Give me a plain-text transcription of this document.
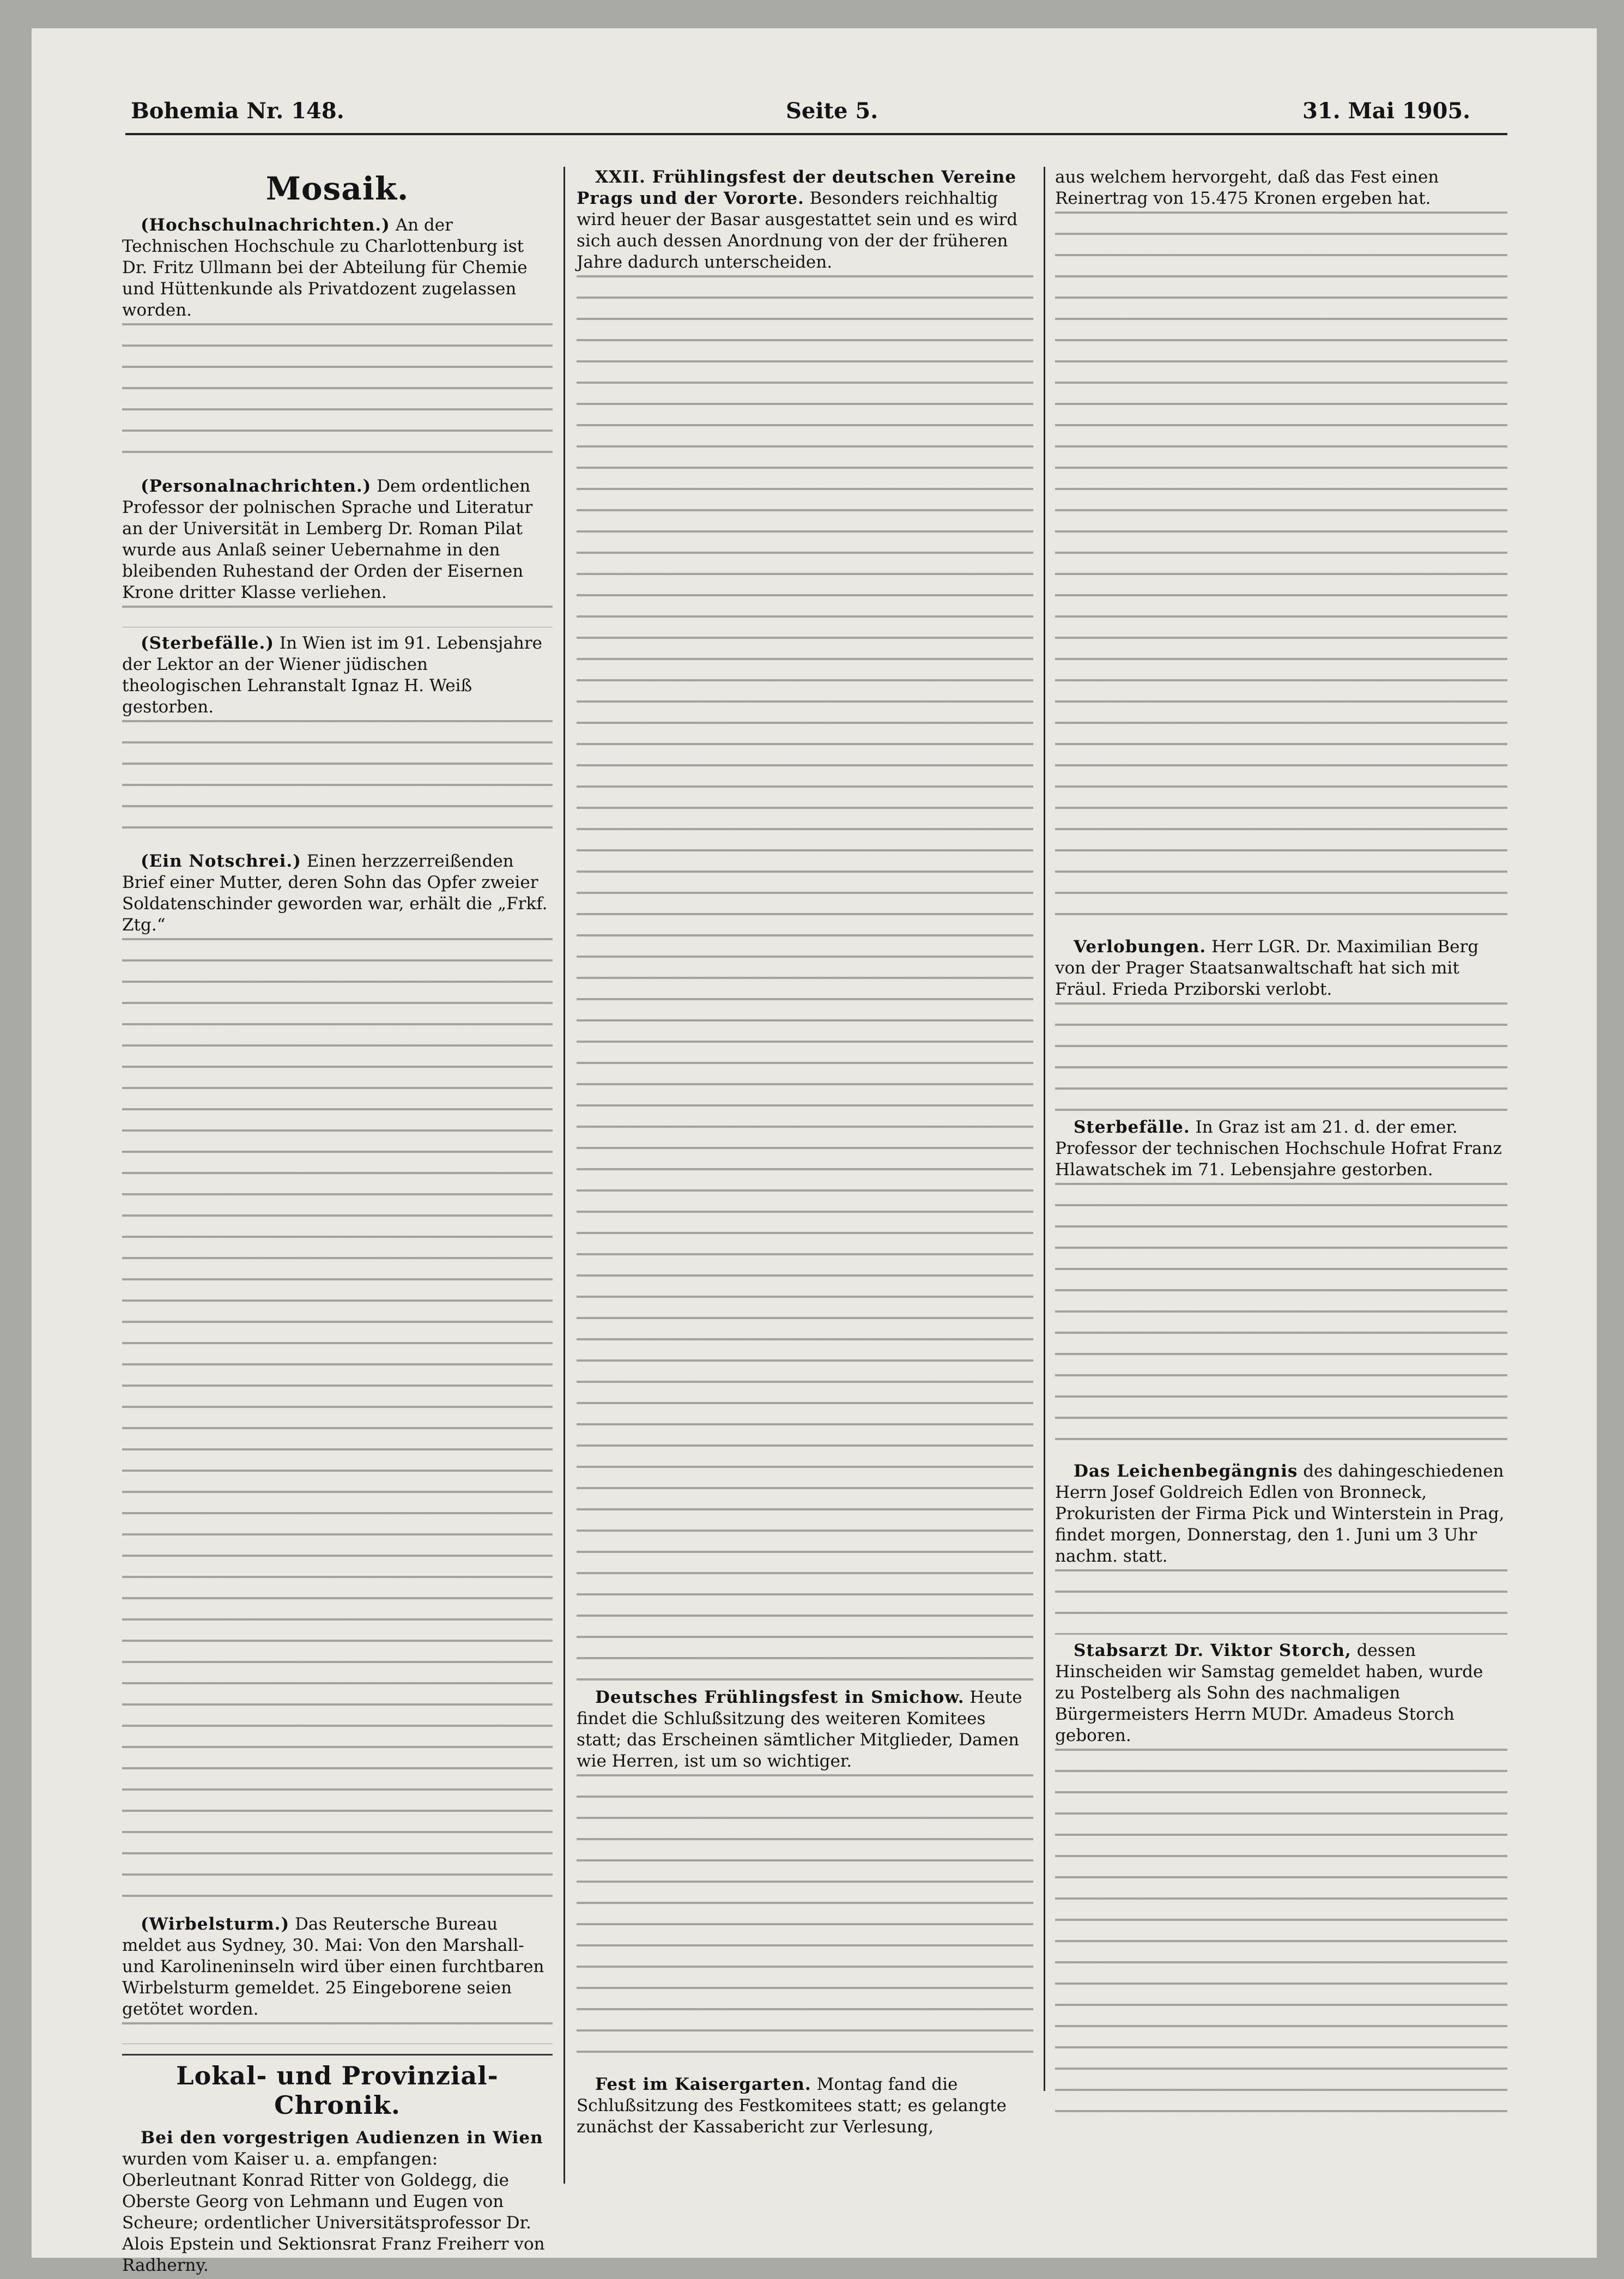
Bohemia Nr. 148.	Seite 5.	31. Mai 1905.
Mosaik.

(Hochschulnachrichten.) An der Technischen Hochschule zu Charlottenburg ist Dr. Fritz Ullmann bei der Abteilung für Chemie und Hüttenkunde als Privatdozent zugelassen worden.

(Personalnachrichten.) Dem ordentlichen Professor der polnischen Sprache und Literatur an der Universität in Lemberg Dr. Roman Pilat wurde aus Anlaß seiner Uebernahme in den bleibenden Ruhestand der Orden der Eisernen Krone dritter Klasse verliehen.

(Sterbefälle.) In Wien ist im 91. Lebensjahre der Lektor an der Wiener jüdischen theologischen Lehranstalt Ignaz H. Weiß gestorben.

(Ein Notschrei.) Einen herzzerreißenden Brief einer Mutter, deren Sohn das Opfer zweier Soldatenschinder geworden war, erhält die „Frkf. Ztg.“

(Wirbelsturm.) Das Reutersche Bureau meldet aus Sydney, 30. Mai: Von den Marshall- und Karolineninseln wird über einen furchtbaren Wirbelsturm gemeldet. 25 Eingeborene seien getötet worden.

Lokal- und Provinzial-Chronik.

Bei den vorgestrigen Audienzen in Wien wurden vom Kaiser u. a. empfangen: Oberleutnant Konrad Ritter von Goldegg, die Oberste Georg von Lehmann und Eugen von Scheure; ordentlicher Universitätsprofessor Dr. Alois Epstein und Sektionsrat Franz Freiherr von Radherny.

XXII. Frühlingsfest der deutschen Vereine Prags und der Vororte. Besonders reichhaltig wird heuer der Basar ausgestattet sein und es wird sich auch dessen Anordnung von der der früheren Jahre dadurch unterscheiden.

Deutsches Frühlingsfest in Smichow. Heute findet die Schlußsitzung des weiteren Komitees statt; das Erscheinen sämtlicher Mitglieder, Damen wie Herren, ist um so wichtiger.

Fest im Kaisergarten. Montag fand die Schlußsitzung des Festkomitees statt; es gelangte zunächst der Kassabericht zur Verlesung,

aus welchem hervorgeht, daß das Fest einen Reinertrag von 15.475 Kronen ergeben hat.

Verlobungen. Herr LGR. Dr. Maximilian Berg von der Prager Staatsanwaltschaft hat sich mit Fräul. Frieda Prziborski verlobt.

Sterbefälle. In Graz ist am 21. d. der emer. Professor der technischen Hochschule Hofrat Franz Hlawatschek im 71. Lebensjahre gestorben.

Das Leichenbegängnis des dahingeschiedenen Herrn Josef Goldreich Edlen von Bronneck, Prokuristen der Firma Pick und Winterstein in Prag, findet morgen, Donnerstag, den 1. Juni um 3 Uhr nachm. statt.

Stabsarzt Dr. Viktor Storch, dessen Hinscheiden wir Samstag gemeldet haben, wurde zu Postelberg als Sohn des nachmaligen Bürgermeisters Herrn MUDr. Amadeus Storch geboren.
